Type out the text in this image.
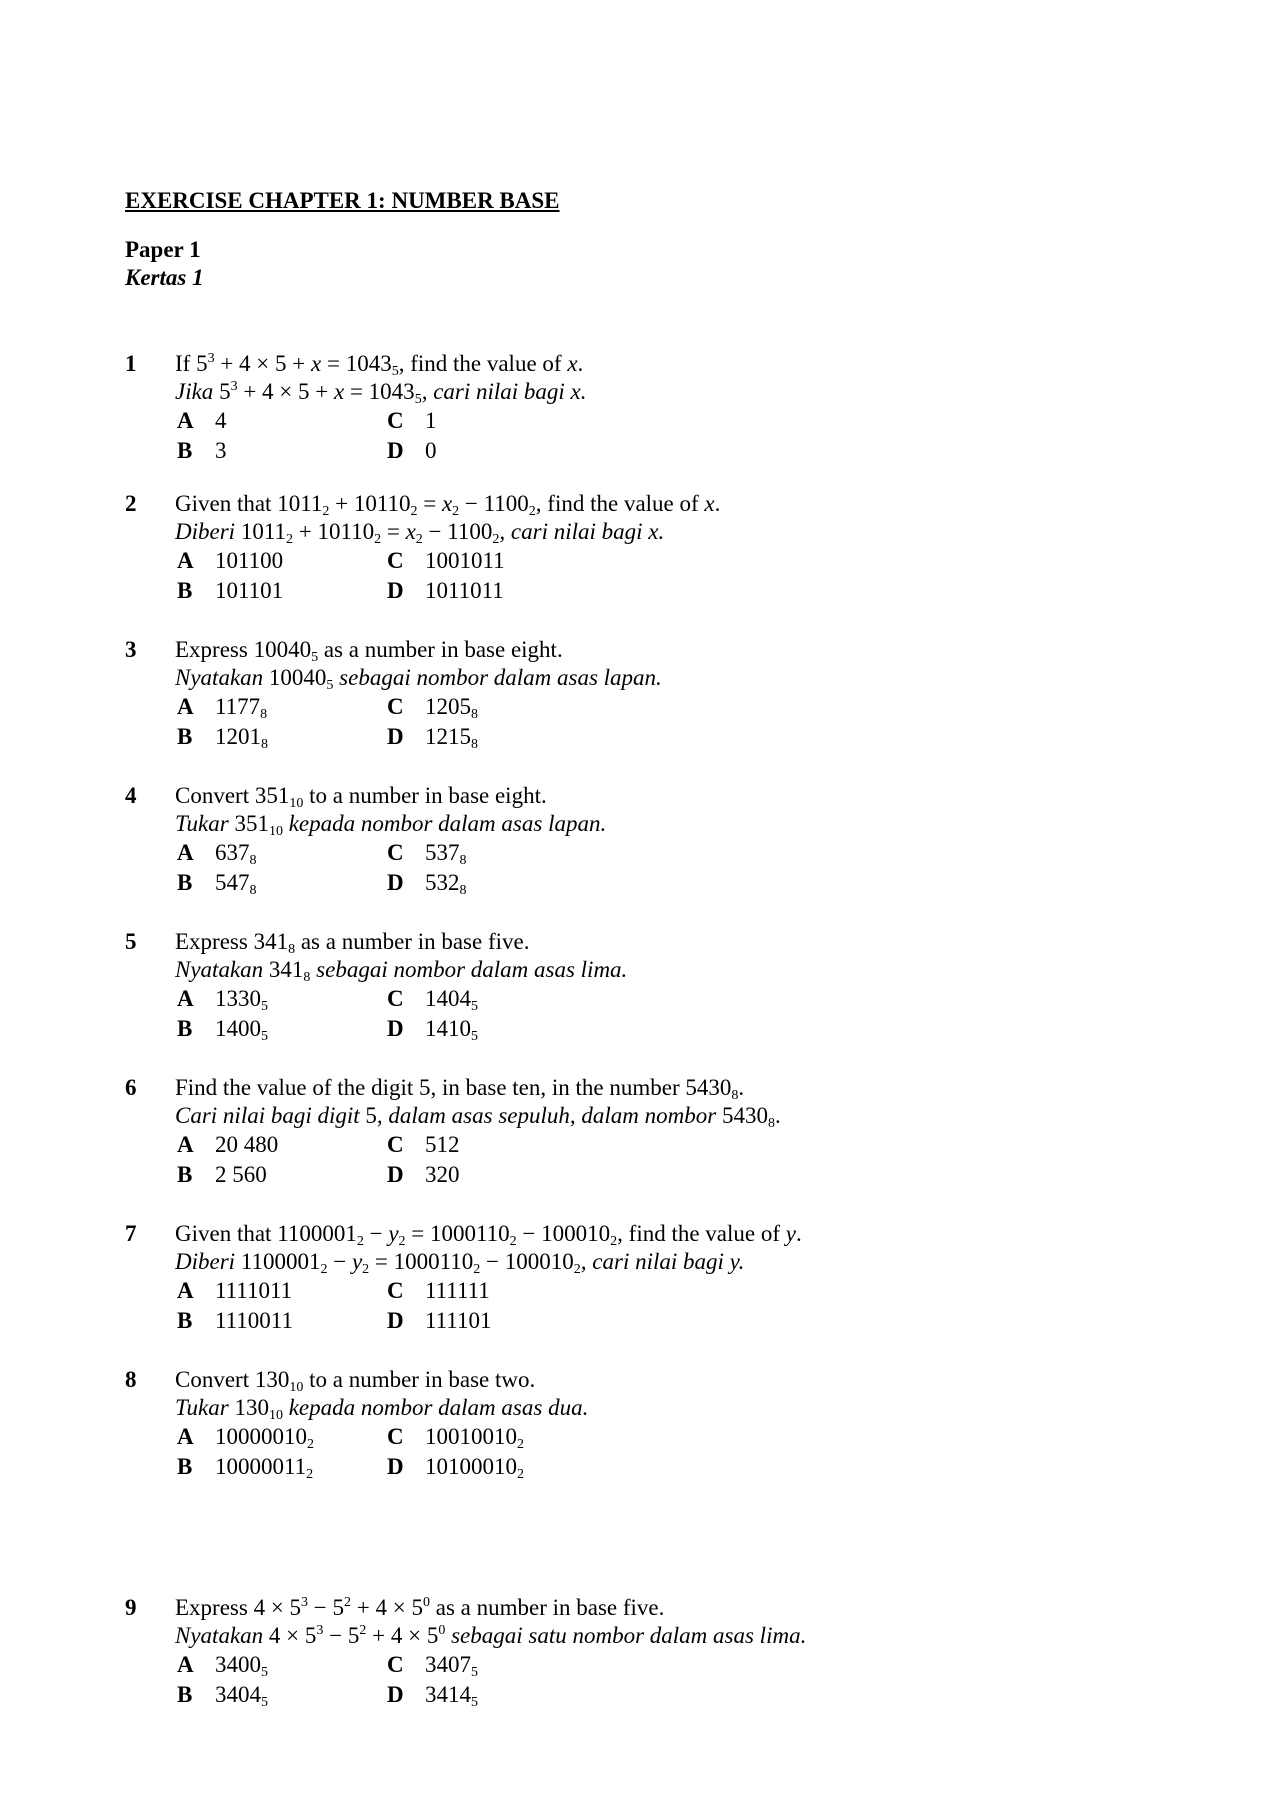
EXERCISE CHAPTER 1: NUMBER BASE
Paper 1
Kertas 1
1	If $5^3 + 4 \times 5 + x = 1043_5$, find the value of x.
Jika $5^3 + 4 \times 5 + x = 1043_5$, cari nilai bagi x.
A 4	C 1
B 3	D 0
2	Given that $1011_2 + 10110_2 = x_2 - 1100_2$, find the value of x.
Diberi $1011_2 + 10110_2 = x_2 - 1100_2$, cari nilai bagi x.
A 101100	C 1001011
B 101101	D 1011011
3	Express $10040_5$ as a number in base eight.
Nyatakan $10040_5$ sebagai nombor dalam asas lapan.
A $1177_8$	C $1205_8$
B $1201_8$	D $1215_8$
4	Convert $351_{10}$ to a number in base eight.
Tukar $351_{10}$ kepada nombor dalam asas lapan.
A $637_8$	C $537_8$
B $547_8$	D $532_8$
5	Express $341_8$ as a number in base five.
Nyatakan $341_8$ sebagai nombor dalam asas lima.
A $1330_5$	C $1404_5$
B $1400_5$	D $1410_5$
6	Find the value of the digit 5, in base ten, in the number $5430_8$.
Cari nilai bagi digit 5, dalam asas sepuluh, dalam nombor $5430_8$.
A 20 480	C 512
B 2 560	D 320
7	Given that $1100001_2 - y_2 = 1000110_2 - 100010_2$, find the value of y.
Diberi $1100001_2 - y_2 = 1000110_2 - 100010_2$, cari nilai bagi y.
A 1111011	C 111111
B 1110011	D 111101
8	Convert $130_{10}$ to a number in base two.
Tukar $130_{10}$ kepada nombor dalam asas dua.
A $10000010_2$	C $10010010_2$
B $10000011_2$	D $10100010_2$
9	Express $4 \times 5^3 - 5^2 + 4 \times 5^0$ as a number in base five.
Nyatakan $4 \times 5^3 - 5^2 + 4 \times 5^0$ sebagai satu nombor dalam asas lima.
A $3400_5$	C $3407_5$
B $3404_5$	D $3414_5$
